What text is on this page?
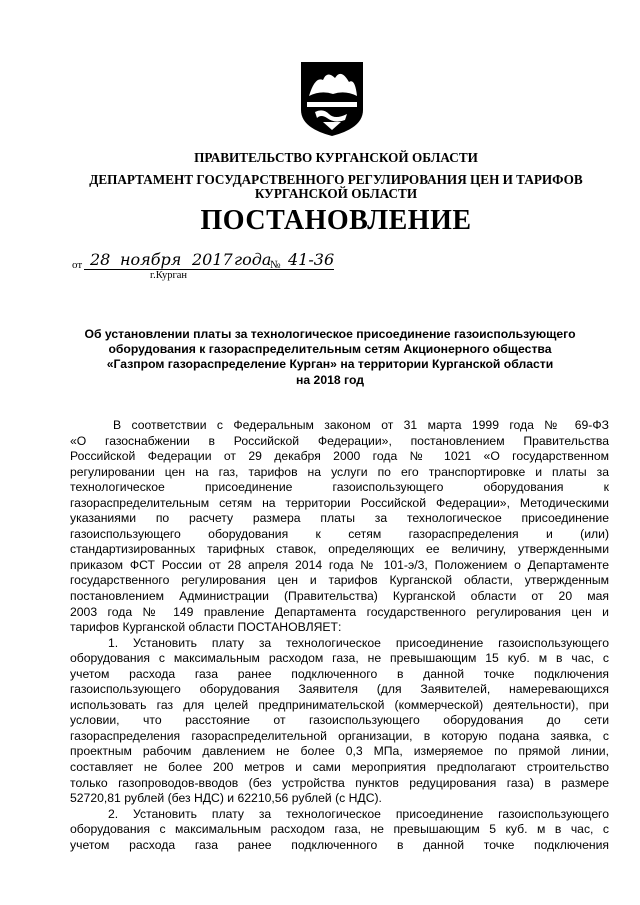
ПРАВИТЕЛЬСТВО КУРГАНСКОЙ ОБЛАСТИ
ДЕПАРТАМЕНТ ГОСУДАРСТВЕННОГО РЕГУЛИРОВАНИЯ ЦЕН И ТАРИФОВ
КУРГАНСКОЙ ОБЛАСТИ
ПОСТАНОВЛЕНИЕ
от 28 ноября 2017 года
№ 41-36
г.Курган
Об установлении платы за технологическое присоединение газоиспользующего
оборудования к газораспределительным сетям Акционерного общества
«Газпром газораспределение Курган» на территории Курганской области
на 2018 год
В соответствии с Федеральным законом от 31 марта 1999 года № 69-ФЗ
«О газоснабжении в Российской Федерации», постановлением Правительства
Российской Федерации от 29 декабря 2000 года № 1021 «О государственном
регулировании цен на газ, тарифов на услуги по его транспортировке и платы за
технологическое присоединение газоиспользующего оборудования к
газораспределительным сетям на территории Российской Федерации», Методическими
указаниями по расчету размера платы за технологическое присоединение
газоиспользующего оборудования к сетям газораспределения и (или)
стандартизированных тарифных ставок, определяющих ее величину, утвержденными
приказом ФСТ России от 28 апреля 2014 года № 101-э/3, Положением о Департаменте
государственного регулирования цен и тарифов Курганской области, утвержденным
постановлением Администрации (Правительства) Курганской области от 20 мая
2003 года № 149 правление Департамента государственного регулирования цен и
тарифов Курганской области ПОСТАНОВЛЯЕТ:
1. Установить плату за технологическое присоединение газоиспользующего
оборудования с максимальным расходом газа, не превышающим 15 куб. м в час, с
учетом расхода газа ранее подключенного в данной точке подключения
газоиспользующего оборудования Заявителя (для Заявителей, намеревающихся
использовать газ для целей предпринимательской (коммерческой) деятельности), при
условии, что расстояние от газоиспользующего оборудования до сети
газораспределения газораспределительной организации, в которую подана заявка, с
проектным рабочим давлением не более 0,3 МПа, измеряемое по прямой линии,
составляет не более 200 метров и сами мероприятия предполагают строительство
только газопроводов-вводов (без устройства пунктов редуцирования газа) в размере
52720,81 рублей (без НДС) и 62210,56 рублей (с НДС).
2. Установить плату за технологическое присоединение газоиспользующего
оборудования с максимальным расходом газа, не превышающим 5 куб. м в час, с
учетом расхода газа ранее подключенного в данной точке подключения
